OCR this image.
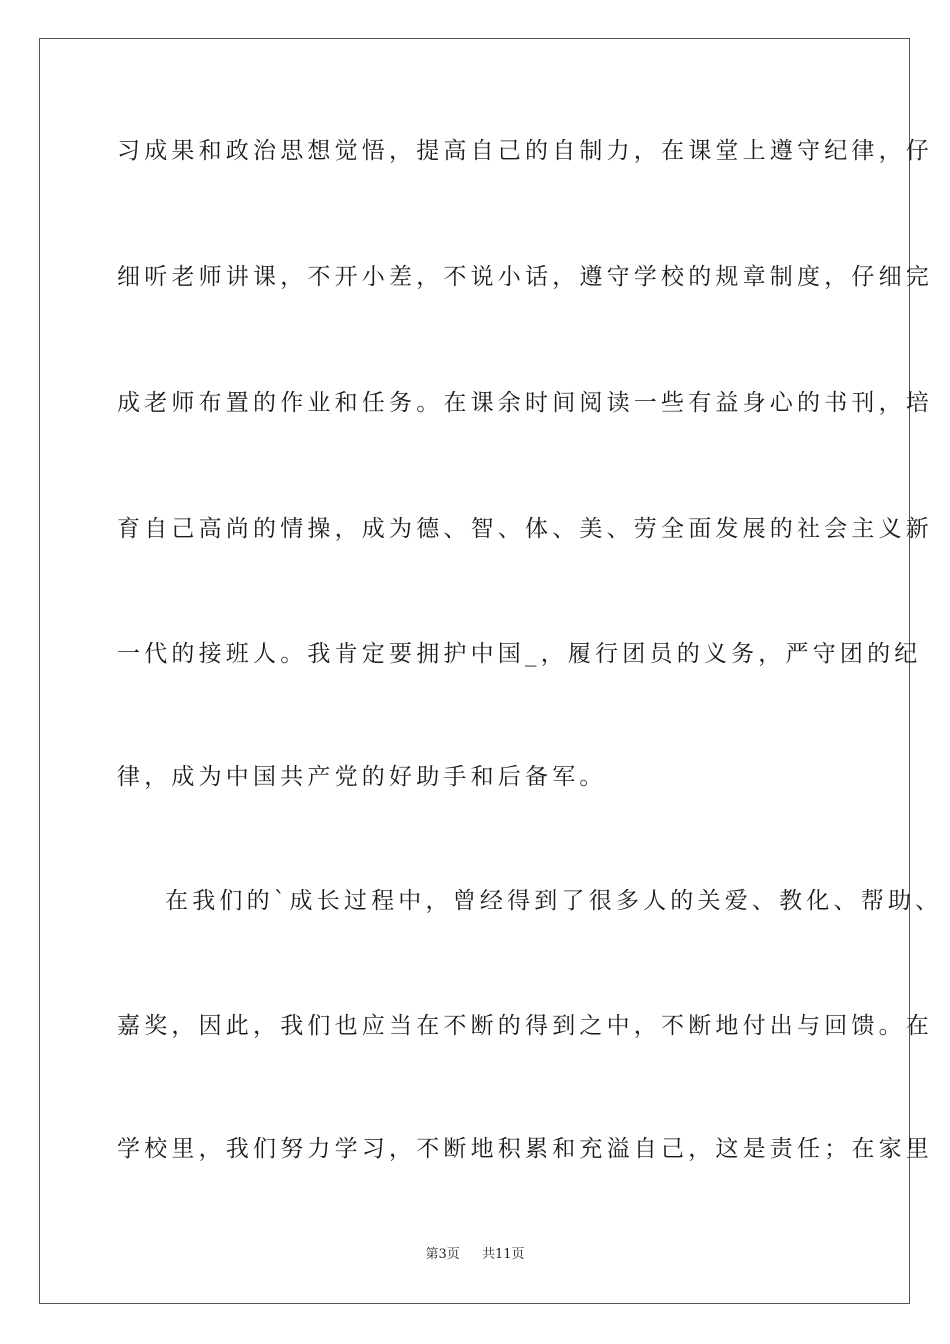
习成果和政治思想觉悟，提高自己的自制力，在课堂上遵守纪律，仔
细听老师讲课，不开小差，不说小话，遵守学校的规章制度，仔细完
成老师布置的作业和任务。在课余时间阅读一些有益身心的书刊，培
育自己高尚的情操，成为德、智、体、美、劳全面发展的社会主义新
一代的接班人。我肯定要拥护中国_，履行团员的义务，严守团的纪
律，成为中国共产党的好助手和后备军。
在我们的`成长过程中，曾经得到了很多人的关爱、教化、帮助、
嘉奖，因此，我们也应当在不断的得到之中，不断地付出与回馈。在
学校里，我们努力学习，不断地积累和充溢自己，这是责任；在家里
第3页 共11页
